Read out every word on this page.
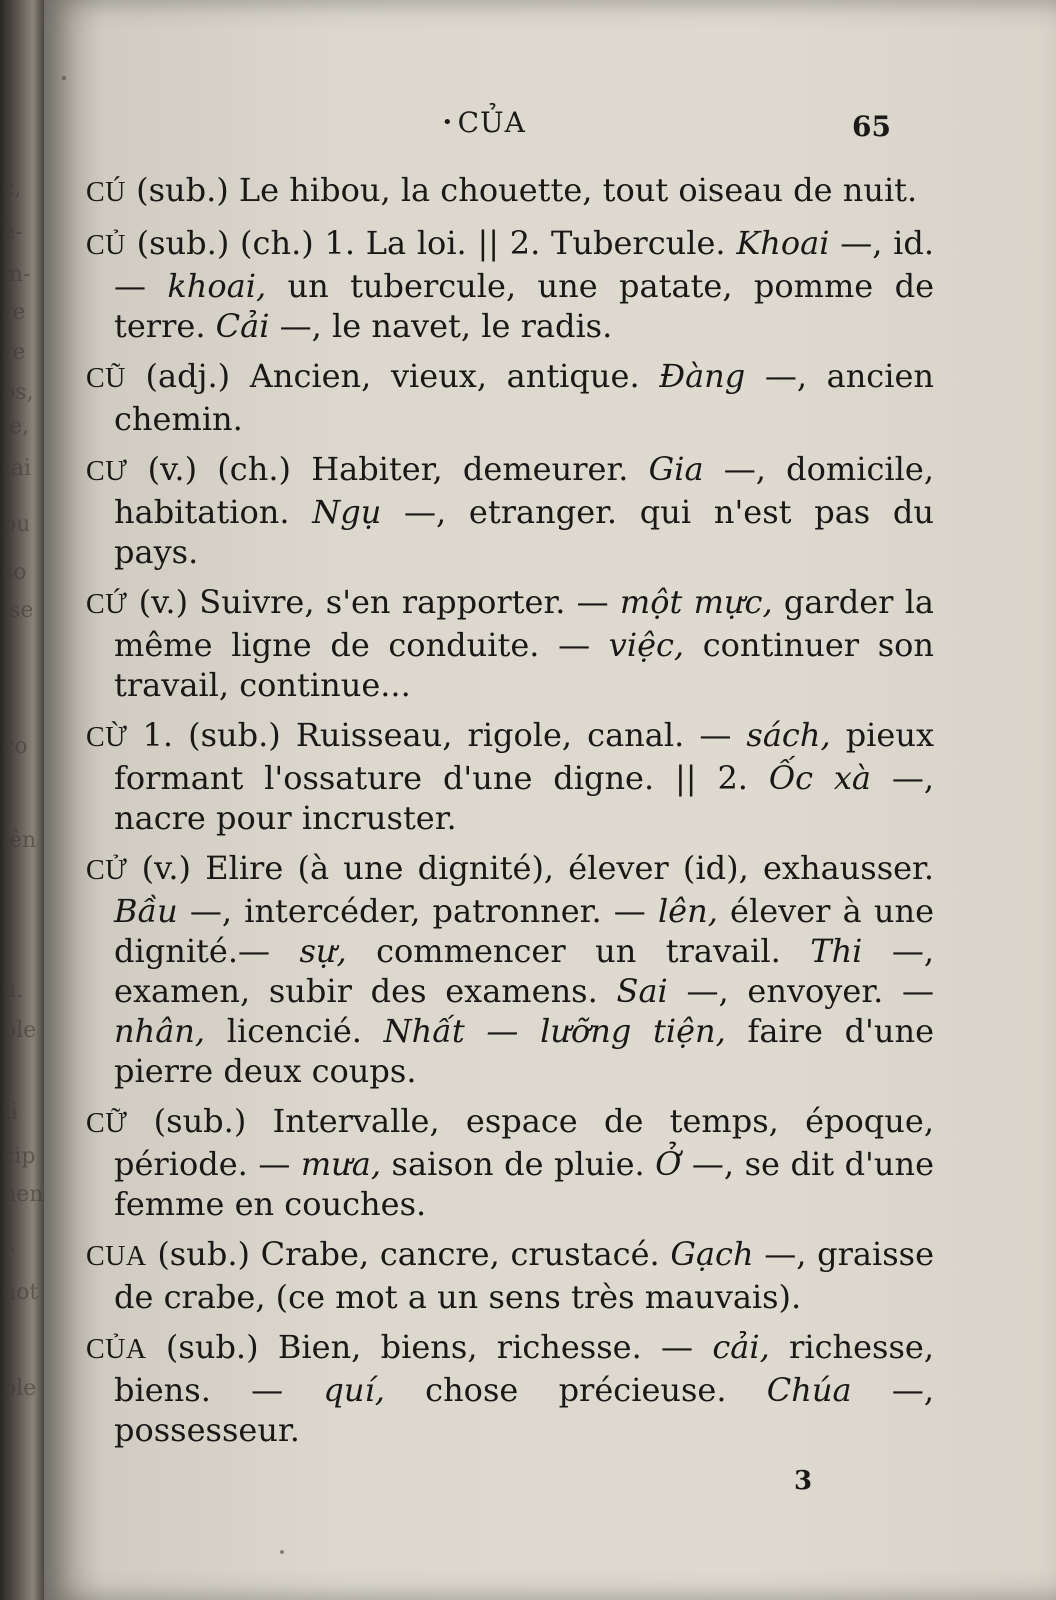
c,
ê-
m-
re
re
os,
ie,
tai
bu
so
ise
co
iên
u.
ble
ti
cip
nen
i,
not
ble
• CỦA	65

CÚ (sub.) Le hibou, la chouette, tout oiseau de nuit.

CỦ (sub.) (ch.) 1. La loi. || 2. Tubercule. Khoai —, id. — khoai, un tubercule, une patate, pomme de terre. Cải —, le navet, le radis.

CŨ (adj.) Ancien, vieux, antique. Đàng —, ancien chemin.

CƯ (v.) (ch.) Habiter, demeurer. Gia —, domicile, habitation. Ngụ —, etranger. qui n'est pas du pays.

CỨ (v.) Suivre, s'en rapporter. — một mực, garder la même ligne de conduite. — việc, continuer son travail, continue...

CỪ 1. (sub.) Ruisseau, rigole, canal. — sách, pieux formant l'ossature d'une digne. || 2. Ốc xà —, nacre pour incruster.

CỬ (v.) Elire (à une dignité), élever (id), exhausser. Bầu —, intercéder, patronner. — lên, élever à une dignité.— sự, commencer un travail. Thi —, examen, subir des examens. Sai —, envoyer. — nhân, licencié. Nhất — lưỡng tiện, faire d'une pierre deux coups.

CỮ (sub.) Intervalle, espace de temps, époque, période. — mưa, saison de pluie. Ở —, se dit d'une femme en couches.

CUA (sub.) Crabe, cancre, crustacé. Gạch —, graisse de crabe, (ce mot a un sens très mauvais).

CỦA (sub.) Bien, biens, richesse. — cải, richesse, biens. — quí, chose précieuse. Chúa —, possesseur.

3
